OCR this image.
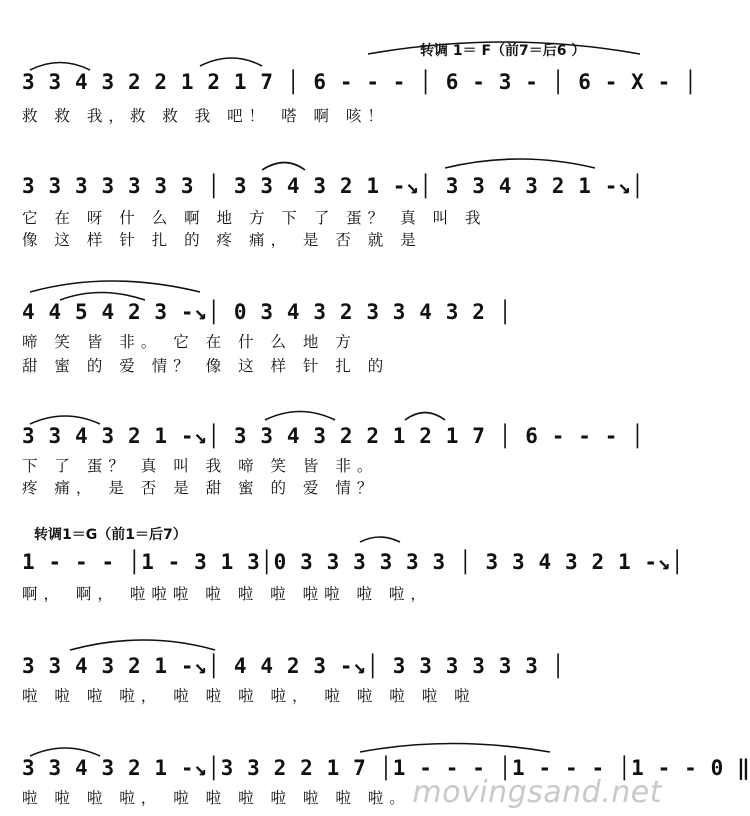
转调 1＝ F（前7＝后6 ）
3 3 4 3 2 2 1 2 1 7 │ 6 - - - │ 6 - 3 - │ 6 - X - │
救 救 我，救 救 我 吧！ 嗒 啊 咳！
3 3 3 3 3 3 3 │ 3 3 4 3 2 1 -↘│ 3 3 4 3 2 1 -↘│
它 在 呀 什 么 啊 地 方 下 了 蛋？ 真 叫 我
像 这 样 针 扎 的 疼 痛， 是 否 就 是
4 4 5 4 2 3 -↘│ 0 3 4 3 2 3 3 4 3 2 │
啼 笑 皆 非。 它 在 什 么 地 方
甜 蜜 的 爱 情？ 像 这 样 针 扎 的
3 3 4 3 2 1 -↘│ 3 3 4 3 2 2 1 2 1 7 │ 6 - - - │
下 了 蛋？ 真 叫 我 啼 笑 皆 非。
疼 痛， 是 否 是 甜 蜜 的 爱 情？
转调1＝G（前1＝后7）
1 - - - │1 - 3 1 3│0 3 3 3 3 3 3 │ 3 3 4 3 2 1 -↘│
啊， 啊， 啦啦啦 啦 啦 啦 啦啦 啦 啦，
3 3 4 3 2 1 -↘│ 4 4 2 3 -↘│ 3 3 3 3 3 3 │
啦 啦 啦 啦， 啦 啦 啦 啦， 啦 啦 啦 啦 啦
3 3 4 3 2 1 -↘│3 3 2 2 1 7 │1 - - - │1 - - - │1 - - 0 ‖
啦 啦 啦 啦， 啦 啦 啦 啦 啦 啦 啦。 movingsand.net
